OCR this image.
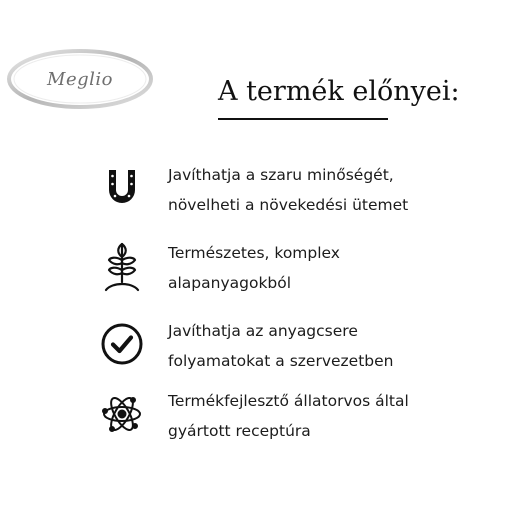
Meglio	A termék előnyei:
Javíthatja a szaru minőségét,
növelheti a növekedési ütemet
Természetes, komplex
alapanyagokból
Javíthatja az anyagcsere
folyamatokat a szervezetben
Termékfejlesztő állatorvos által
gyártott receptúra
